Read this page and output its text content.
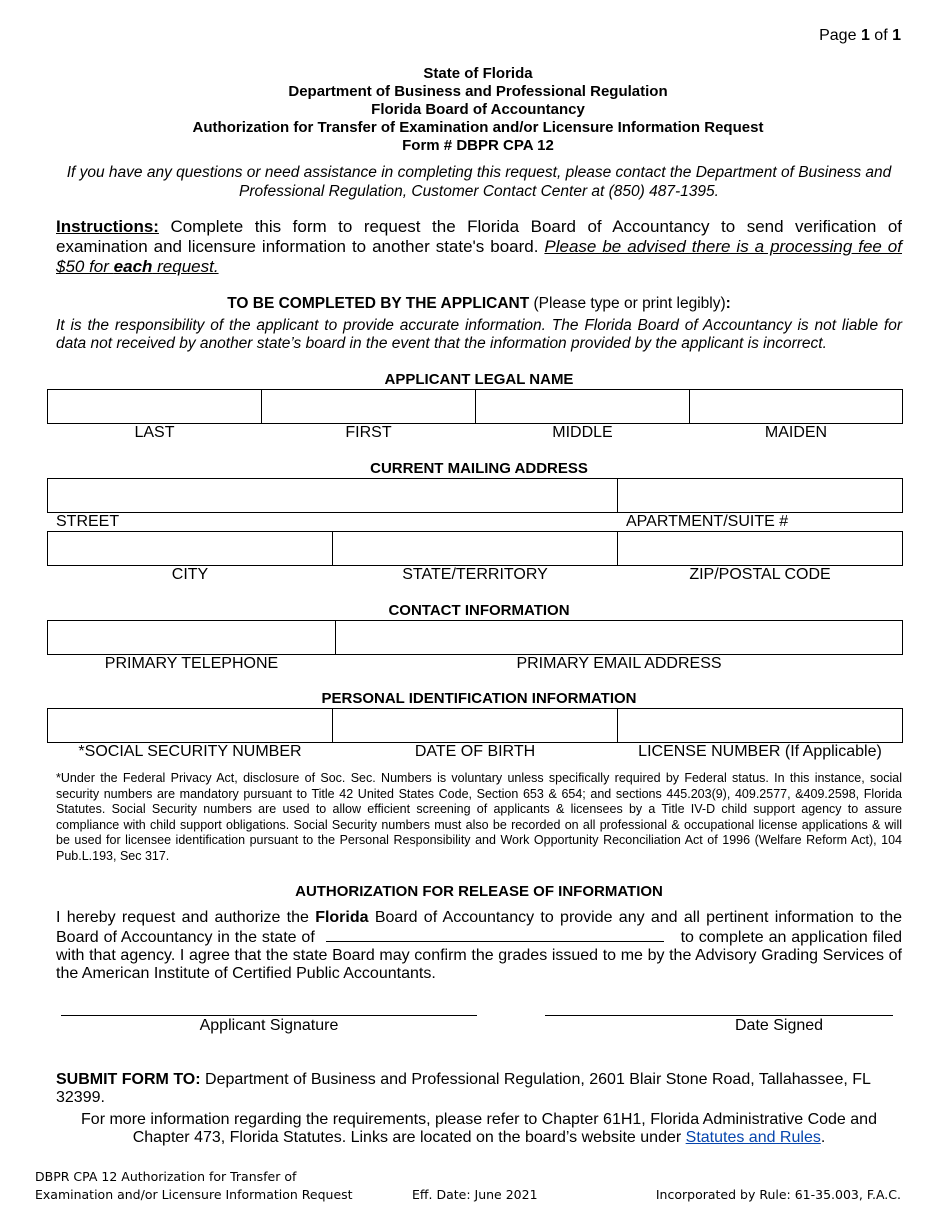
Page 1 of 1
State of Florida
Department of Business and Professional Regulation
Florida Board of Accountancy
Authorization for Transfer of Examination and/or Licensure Information Request
Form # DBPR CPA 12
If you have any questions or need assistance in completing this request, please contact the Department of Business and Professional Regulation, Customer Contact Center at (850) 487-1395.
Instructions: Complete this form to request the Florida Board of Accountancy to send verification of examination and licensure information to another state's board. Please be advised there is a processing fee of $50 for each request.
TO BE COMPLETED BY THE APPLICANT (Please type or print legibly):
It is the responsibility of the applicant to provide accurate information. The Florida Board of Accountancy is not liable for data not received by another state’s board in the event that the information provided by the applicant is incorrect.
APPLICANT LEGAL NAME
LAST	FIRST	MIDDLE	MAIDEN
CURRENT MAILING ADDRESS
STREET	APARTMENT/SUITE #
CITY	STATE/TERRITORY	ZIP/POSTAL CODE
CONTACT INFORMATION
PRIMARY TELEPHONE	PRIMARY EMAIL ADDRESS
PERSONAL IDENTIFICATION INFORMATION
*SOCIAL SECURITY NUMBER	DATE OF BIRTH	LICENSE NUMBER (If Applicable)
*Under the Federal Privacy Act, disclosure of Soc. Sec. Numbers is voluntary unless specifically required by Federal status. In this instance, social security numbers are mandatory pursuant to Title 42 United States Code, Section 653 & 654; and sections 445.203(9), 409.2577, &409.2598, Florida Statutes. Social Security numbers are used to allow efficient screening of applicants & licensees by a Title IV-D child support agency to assure compliance with child support obligations. Social Security numbers must also be recorded on all professional & occupational license applications & will be used for licensee identification pursuant to the Personal Responsibility and Work Opportunity Reconciliation Act of 1996 (Welfare Reform Act), 104 Pub.L.193, Sec 317.
AUTHORIZATION FOR RELEASE OF INFORMATION
I hereby request and authorize the Florida Board of Accountancy to provide any and all pertinent information to the Board of Accountancy in the state of	to complete an application filed with that agency. I agree that the state Board may confirm the grades issued to me by the Advisory Grading Services of the American Institute of Certified Public Accountants.
Applicant Signature	Date Signed
SUBMIT FORM TO: Department of Business and Professional Regulation, 2601 Blair Stone Road, Tallahassee, FL 32399.
For more information regarding the requirements, please refer to Chapter 61H1, Florida Administrative Code and Chapter 473, Florida Statutes. Links are located on the board’s website under Statutes and Rules.
DBPR CPA 12 Authorization for Transfer of
Examination and/or Licensure Information Request	Eff. Date: June 2021	Incorporated by Rule: 61-35.003, F.A.C.
